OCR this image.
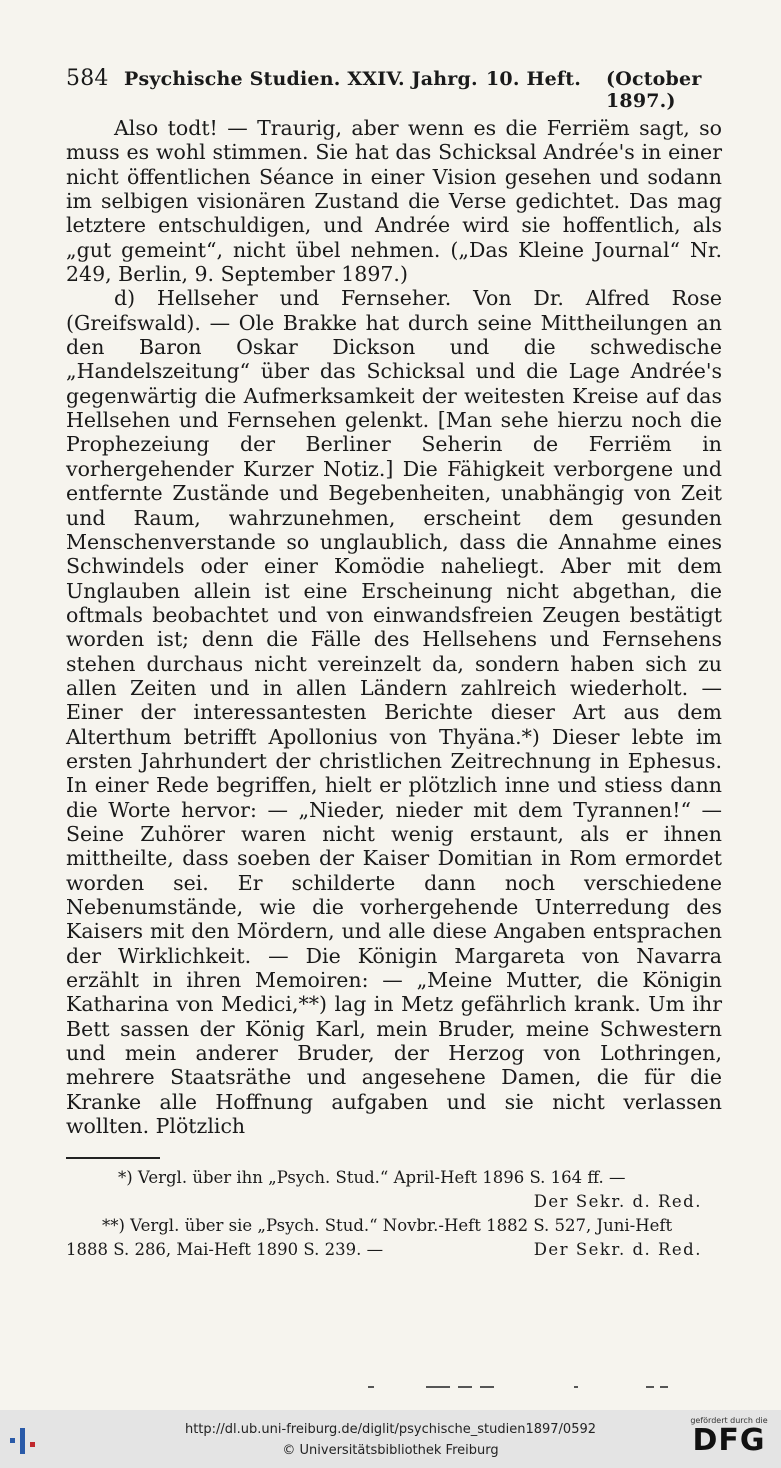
584 Psychische Studien. XXIV. Jahrg. 10. Heft. (October 1897.)

Also todt! — Traurig, aber wenn es die Ferriëm sagt, so muss es wohl stimmen. Sie hat das Schicksal Andrée's in einer nicht öffentlichen Séance in einer Vision gesehen und sodann im selbigen visionären Zustand die Verse gedichtet. Das mag letztere entschuldigen, und Andrée wird sie hoffentlich, als „gut gemeint“, nicht übel nehmen. („Das Kleine Journal“ Nr. 249, Berlin, 9. September 1897.)

d) Hellseher und Fernseher. Von Dr. Alfred Rose (Greifswald). — Ole Brakke hat durch seine Mittheilungen an den Baron Oskar Dickson und die schwedische „Handelszeitung“ über das Schicksal und die Lage Andrée's gegenwärtig die Aufmerksamkeit der weitesten Kreise auf das Hellsehen und Fernsehen gelenkt. [Man sehe hierzu noch die Prophezeiung der Berliner Seherin de Ferriëm in vorhergehender Kurzer Notiz.] Die Fähigkeit verborgene und entfernte Zustände und Begebenheiten, unabhängig von Zeit und Raum, wahrzunehmen, erscheint dem gesunden Menschenverstande so unglaublich, dass die Annahme eines Schwindels oder einer Komödie naheliegt. Aber mit dem Unglauben allein ist eine Erscheinung nicht abgethan, die oftmals beobachtet und von einwandsfreien Zeugen bestätigt worden ist; denn die Fälle des Hellsehens und Fernsehens stehen durchaus nicht vereinzelt da, sondern haben sich zu allen Zeiten und in allen Ländern zahlreich wiederholt. — Einer der interessantesten Berichte dieser Art aus dem Alterthum betrifft Apollonius von Thyäna.*) Dieser lebte im ersten Jahrhundert der christlichen Zeitrechnung in Ephesus. In einer Rede begriffen, hielt er plötzlich inne und stiess dann die Worte hervor: — „Nieder, nieder mit dem Tyrannen!“ — Seine Zuhörer waren nicht wenig erstaunt, als er ihnen mittheilte, dass soeben der Kaiser Domitian in Rom ermordet worden sei. Er schilderte dann noch verschiedene Nebenumstände, wie die vorhergehende Unterredung des Kaisers mit den Mördern, und alle diese Angaben entsprachen der Wirklichkeit. — Die Königin Margareta von Navarra erzählt in ihren Memoiren: — „Meine Mutter, die Königin Katharina von Medici,**) lag in Metz gefährlich krank. Um ihr Bett sassen der König Karl, mein Bruder, meine Schwestern und mein anderer Bruder, der Herzog von Lothringen, mehrere Staatsräthe und angesehene Damen, die für die Kranke alle Hoffnung aufgaben und sie nicht verlassen wollten. Plötzlich

*) Vergl. über ihn „Psych. Stud.“ April-Heft 1896 S. 164 ff. —
Der Sekr. d. Red.
**) Vergl. über sie „Psych. Stud.“ Novbr.-Heft 1882 S. 527, Juni-Heft 1888 S. 286, Mai-Heft 1890 S. 239. —	Der Sekr. d. Red.
http://dl.ub.uni-freiburg.de/diglit/psychische_studien1897/0592
© Universitätsbibliothek Freiburg
gefördert durch die
DFG
